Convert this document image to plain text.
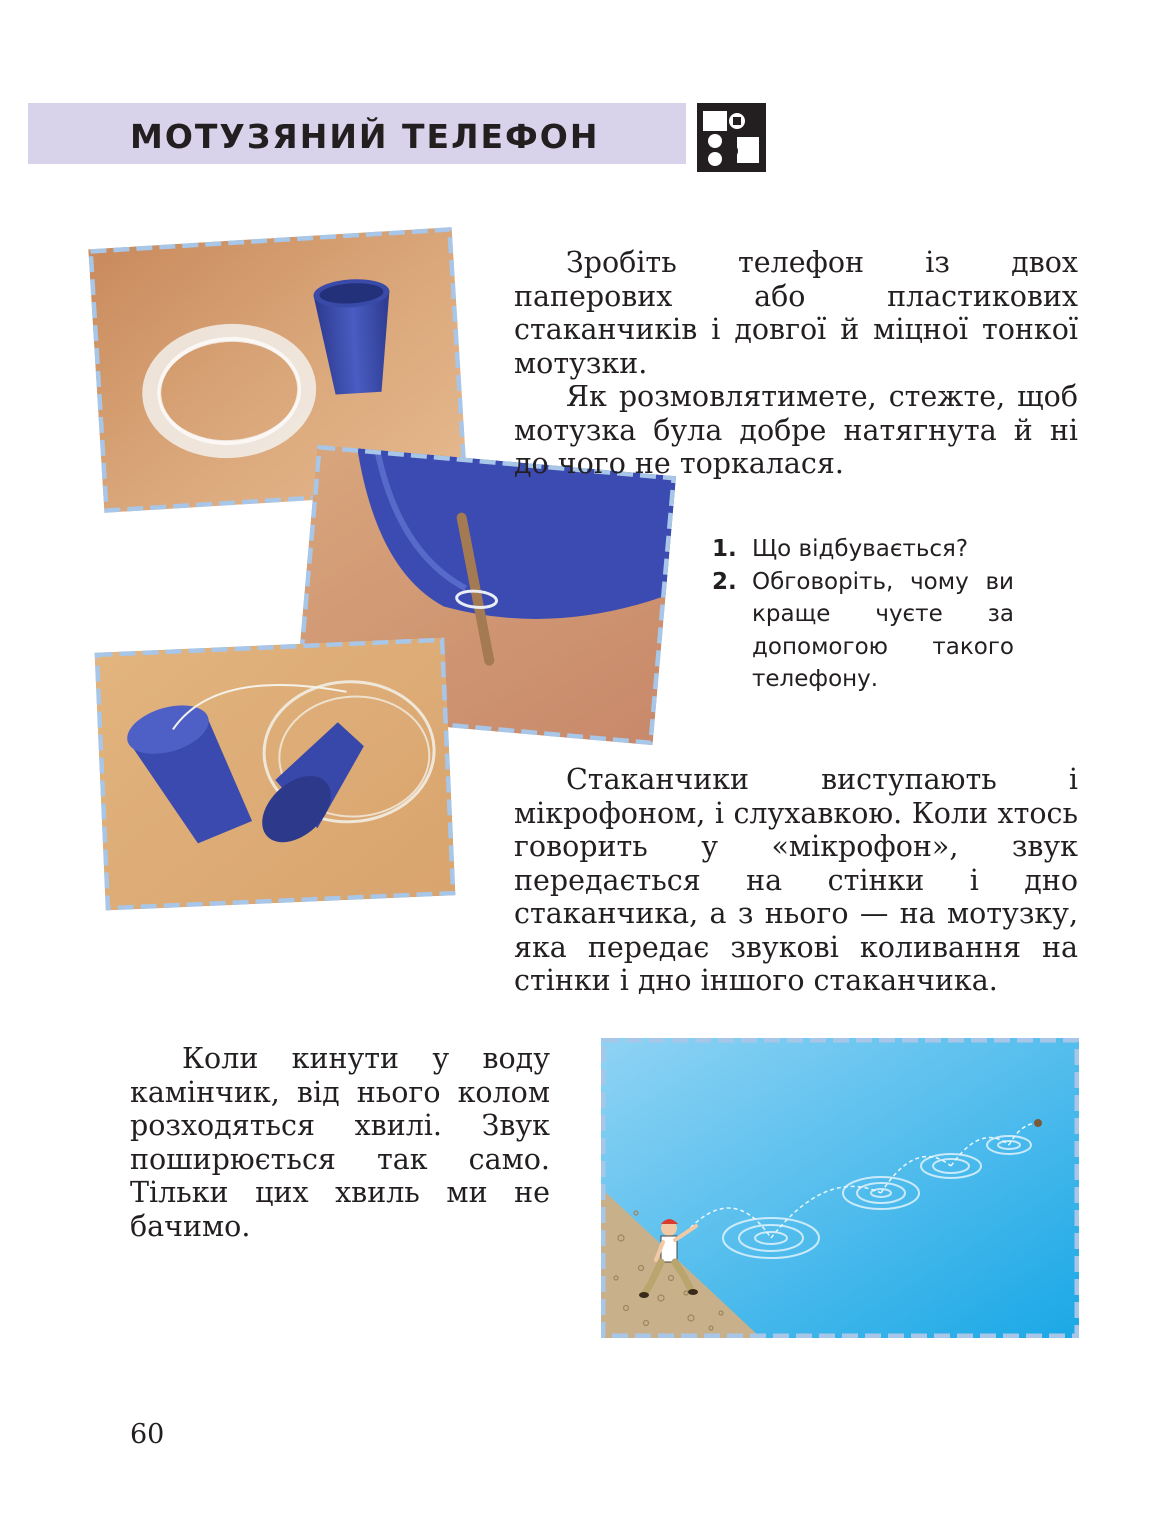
МОТУЗЯНИЙ ТЕЛЕФОН

Зробіть телефон із двох паперових або пластикових стаканчиків і довгої й міцної тонкої мотузки.

Як розмовлятимете, стежте, щоб мотузка була добре натягнута й ні до чого не торкалася.

1. Що відбувається?
2. Обговоріть, чому ви краще чуєте за допомогою такого телефону.

Стаканчики виступають і мікрофоном, і слухавкою. Коли хтось говорить у «мікрофон», звук передається на стінки і дно стаканчика, а з нього — на мотузку, яка передає звукові коливання на стінки і дно іншого стаканчика.

Коли кинути у воду камінчик, від нього колом розходяться хвилі. Звук поширюється так само. Тільки цих хвиль ми не бачимо.

60
